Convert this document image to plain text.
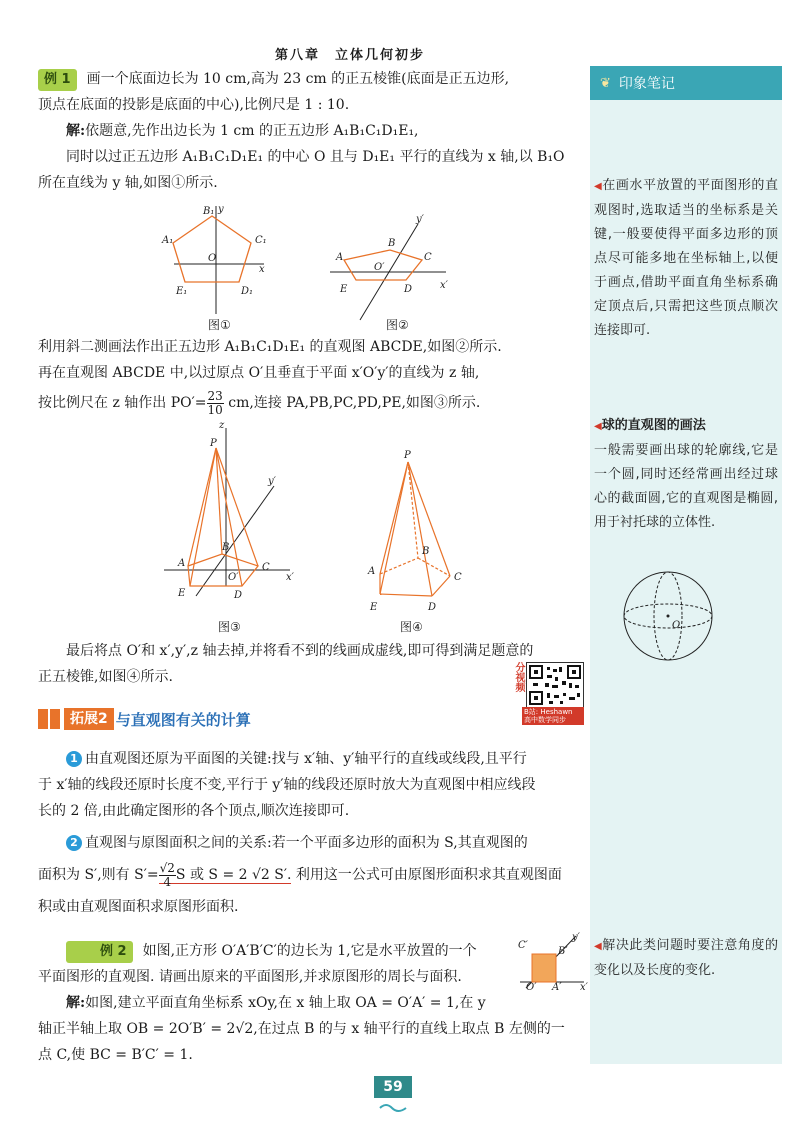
第八章　立体几何初步

例 1 画一个底面边长为 10 cm,高为 23 cm 的正五棱锥(底面是正五边形,

顶点在底面的投影是底面的中心),比例尺是 1 : 10.

解:依题意,先作出边长为 1 cm 的正五边形 A₁B₁C₁D₁E₁,

同时以过正五边形 A₁B₁C₁D₁E₁ 的中心 O 且与 D₁E₁ 平行的直线为 x 轴,以 B₁O

所在直线为 y 轴,如图①所示.

B₁ y
A₁	C₁
O
x
E₁	D₁
A
B
C
O′
E	D
y′
x′
图①	图②

利用斜二测画法作出正五边形 A₁B₁C₁D₁E₁ 的直观图 ABCDE,如图②所示.

再在直观图 ABCDE 中,以过原点 O′且垂直于平面 x′O′y′的直线为 z 轴,

按比例尺在 z 轴作出 $PO'= \frac{23}{10}$ cm,连接 PA,PB,PC,PD,PE,如图③所示.

z
P
A
B
C
O′
E	D
y′
x′
P
A
B
C
D
E
图③	图④

最后将点 O′和 x′,y′,z 轴去掉,并将看不到的线画成虚线,即可得到满足题意的

正五棱锥,如图④所示.

拓展2 与直观图有关的计算

1 由直观图还原为平面图的关键:找与 x′轴、y′轴平行的直线或线段,且平行

于 x′轴的线段还原时长度不变,平行于 y′轴的线段还原时放大为直观图中相应线段

长的 2 倍,由此确定图形的各个顶点,顺次连接即可.

2 直观图与原图面积之间的关系:若一个平面多边形的面积为 S,其直观图的

面积为 S′,则有 $S'= \frac{√2}{4}$ S 或 S = 2 √2 S′. 利用这一公式可由原图形面积求其直观图面

积或由直观图面积求原图形面积.

例 2 如图,正方形 O′A′B′C′的边长为 1,它是水平放置的一个

平面图形的直观图. 请画出原来的平面图形,并求原图形的周长与面积.

解:如图,建立平面直角坐标系 xOy,在 x 轴上取 OA = O′A′ = 1,在 y

轴正半轴上取 OB = 2O′B′ = 2√2,在过点 B 的与 x 轴平行的直线上取点 B 左侧的一

点 C,使 BC = B′C′ = 1.

C′
B′
O′ A′
y′
x′
分视频
B站: Heshawn
高中数学同步
❦ 印象笔记
◀在画水平放置的平面图形的直观图时,选取适当的坐标系是关键,一般要使得平面多边形的顶点尽可能多地在坐标轴上,以便于画点,借助平面直角坐标系确定顶点后,只需把这些顶点顺次连接即可.
◀球的直观图的画法
一般需要画出球的轮廓线,它是一个圆,同时还经常画出经过球心的截面圆,它的直观图是椭圆,用于衬托球的立体性.
O
◀解决此类问题时要注意角度的变化以及长度的变化.
59
